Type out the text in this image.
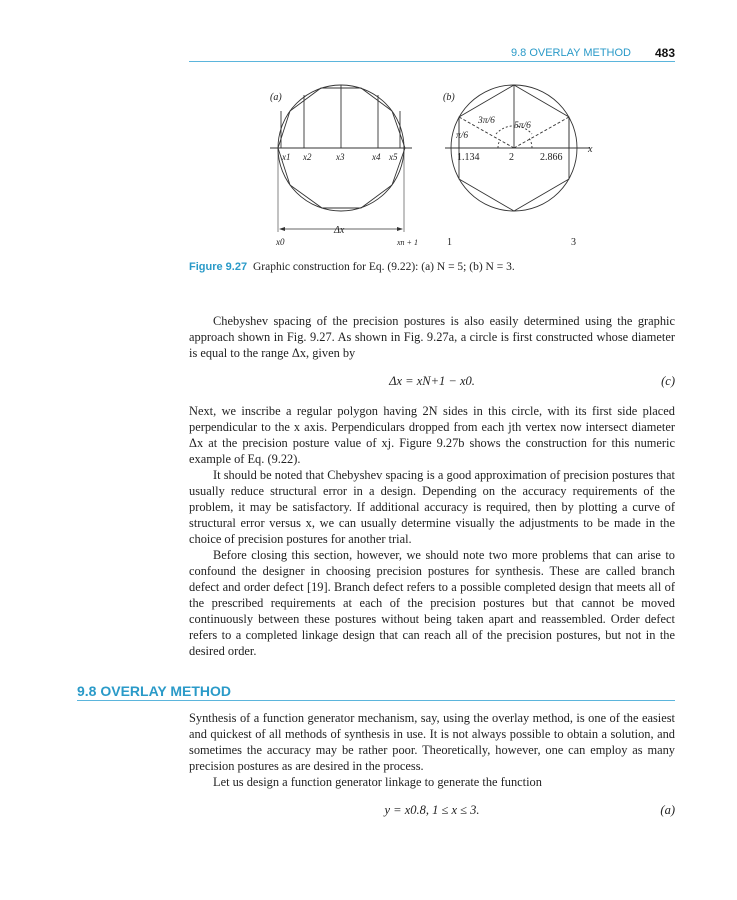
9.8 OVERLAY METHOD 483
(a)
x1 x2	x3	x4 x5
Δx
x0	xn + 1
(b)
3π/6 5π/6
π/6
x
1.134	2	2.866
1	3
Figure 9.27 Graphic construction for Eq. (9.22): (a) N = 5; (b) N = 3.

Chebyshev spacing of the precision postures is also easily determined using the graphic approach shown in Fig. 9.27. As shown in Fig. 9.27a, a circle is first constructed whose diameter is equal to the range Δx, given by

Δx = xN+1 − x0.	(c)

Next, we inscribe a regular polygon having 2N sides in this circle, with its first side placed perpendicular to the x axis. Perpendiculars dropped from each jth vertex now intersect diameter Δx at the precision posture value of xj. Figure 9.27b shows the construction for this numeric example of Eq. (9.22).

It should be noted that Chebyshev spacing is a good approximation of precision postures that usually reduce structural error in a design. Depending on the accuracy requirements of the problem, it may be satisfactory. If additional accuracy is required, then by plotting a curve of structural error versus x, we can usually determine visually the adjustments to be made in the choice of precision postures for another trial.

Before closing this section, however, we should note two more problems that can arise to confound the designer in choosing precision postures for synthesis. These are called branch defect and order defect [19]. Branch defect refers to a possible completed design that meets all of the prescribed requirements at each of the precision postures but that cannot be moved continuously between these postures without being taken apart and reassembled. Order defect refers to a completed linkage design that can reach all of the precision postures, but not in the desired order.

9.8 OVERLAY METHOD

Synthesis of a function generator mechanism, say, using the overlay method, is one of the easiest and quickest of all methods of synthesis in use. It is not always possible to obtain a solution, and sometimes the accuracy may be rather poor. Theoretically, however, one can employ as many precision postures as are desired in the process.

Let us design a function generator linkage to generate the function

y = x0.8, 1 ≤ x ≤ 3.	(a)
